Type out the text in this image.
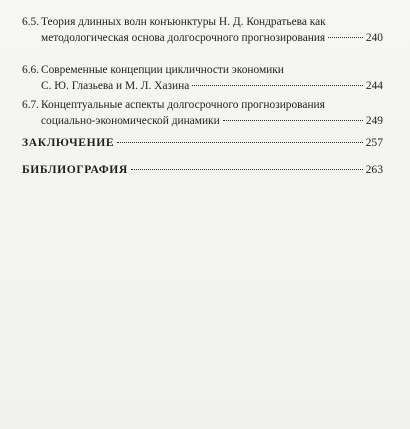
6.5. Теория длинных волн конъюнктуры Н. Д. Кондратьева как
методологическая основа долгосрочного прогнозирования	240
6.6. Современные концепции цикличности экономики
С. Ю. Глазьева и М. Л. Хазина	244
6.7. Концептуальные аспекты долгосрочного прогнозирования
социально-экономической динамики	249
ЗАКЛЮЧЕНИЕ	257
БИБЛИОГРАФИЯ	263
